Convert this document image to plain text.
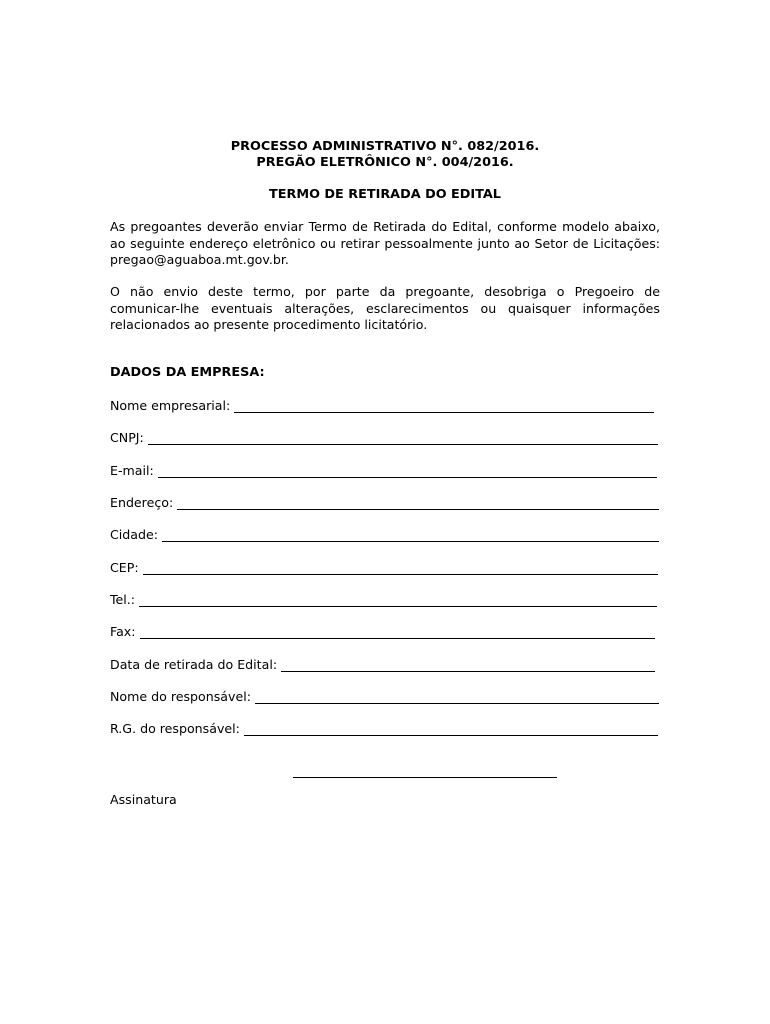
PROCESSO ADMINISTRATIVO N°. 082/2016.
PREGÃO ELETRÔNICO N°. 004/2016.
TERMO DE RETIRADA DO EDITAL
As pregoantes deverão enviar Termo de Retirada do Edital, conforme modelo abaixo, ao seguinte endereço eletrônico ou retirar pessoalmente junto ao Setor de Licitações: pregao@aguaboa.mt.gov.br.
O não envio deste termo, por parte da pregoante, desobriga o Pregoeiro de comunicar-lhe eventuais alterações, esclarecimentos ou quaisquer informações relacionados ao presente procedimento licitatório.
DADOS DA EMPRESA:
Nome empresarial:
CNPJ:
E-mail:
Endereço:
Cidade:
CEP:
Tel.:
Fax:
Data de retirada do Edital:
Nome do responsável:
R.G. do responsável:
Assinatura
